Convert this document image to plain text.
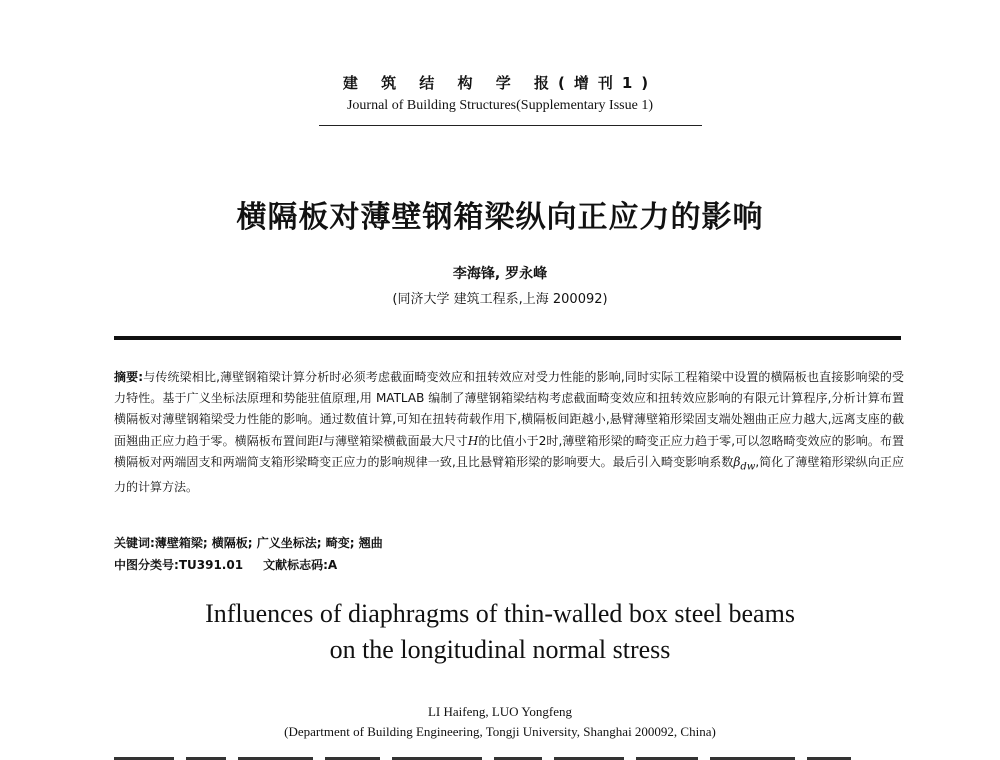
建 筑 结 构 学 报(增刊1)
Journal of Building Structures(Supplementary Issue 1)
横隔板对薄壁钢箱梁纵向正应力的影响
李海锋, 罗永峰
(同济大学 建筑工程系,上海 200092)
摘要:与传统梁相比,薄壁钢箱梁计算分析时必须考虑截面畸变效应和扭转效应对受力性能的影响,同时实际工程箱梁中设置的横隔板也直接影响梁的受力特性。基于广义坐标法原理和势能驻值原理,用 MATLAB 编制了薄壁钢箱梁结构考虑截面畸变效应和扭转效应影响的有限元计算程序,分析计算布置横隔板对薄壁钢箱梁受力性能的影响。通过数值计算,可知在扭转荷载作用下,横隔板间距越小,悬臂薄壁箱形梁固支端处翘曲正应力越大,远离支座的截面翘曲正应力趋于零。横隔板布置间距l与薄壁箱梁横截面最大尺寸H的比值小于2时,薄壁箱形梁的畸变正应力趋于零,可以忽略畸变效应的影响。布置横隔板对两端固支和两端简支箱形梁畸变正应力的影响规律一致,且比悬臂箱形梁的影响要大。最后引入畸变影响系数$\beta_{dw}$,简化了薄壁箱形梁纵向正应力的计算方法。
关键词:薄壁箱梁; 横隔板; 广义坐标法; 畸变; 翘曲
中图分类号:TU391.01 文献标志码:A
Influences of diaphragms of thin-walled box steel beams
on the longitudinal normal stress
LI Haifeng, LUO Yongfeng
(Department of Building Engineering, Tongji University, Shanghai 200092, China)
